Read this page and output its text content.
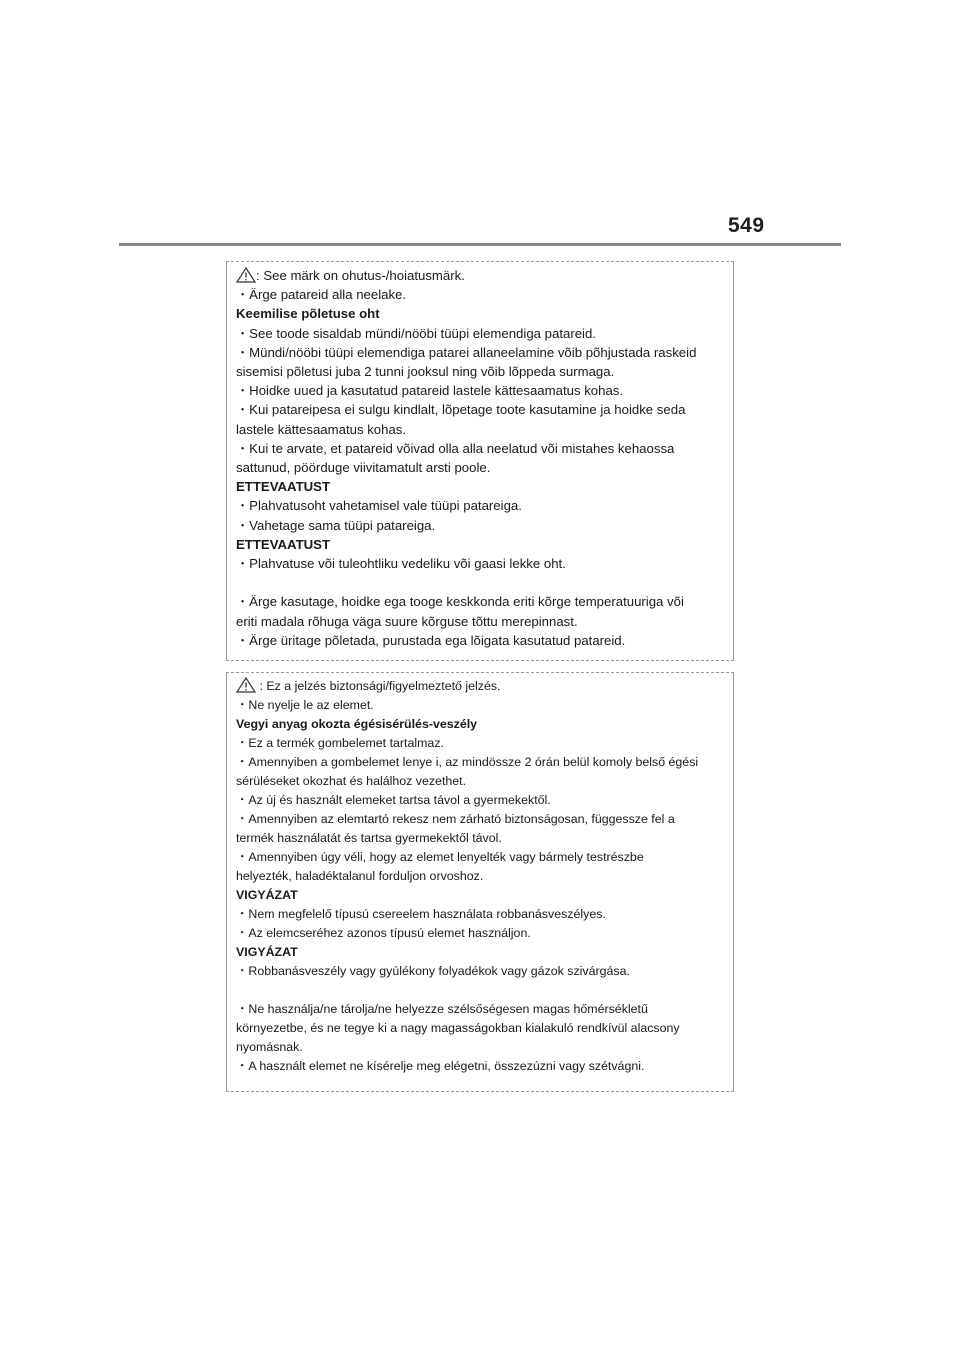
549
: See märk on ohutus-/hoiatusmärk.
・Ärge patareid alla neelake.
Keemilise põletuse oht
・See toode sisaldab mündi/nööbi tüüpi elemendiga patareid.
・Mündi/nööbi tüüpi elemendiga patarei allaneelamine võib põhjustada raskeid
sisemisi põletusi juba 2 tunni jooksul ning võib lõppeda surmaga.
・Hoidke uued ja kasutatud patareid lastele kättesaamatus kohas.
・Kui patareipesa ei sulgu kindlalt, lõpetage toote kasutamine ja hoidke seda
lastele kättesaamatus kohas.
・Kui te arvate, et patareid võivad olla alla neelatud või mistahes kehaossa
sattunud, pöörduge viivitamatult arsti poole.
ETTEVAATUST
・Plahvatusoht vahetamisel vale tüüpi patareiga.
・Vahetage sama tüüpi patareiga.
ETTEVAATUST
・Plahvatuse või tuleohtliku vedeliku või gaasi lekke oht.
・Ärge kasutage, hoidke ega tooge keskkonda eriti kõrge temperatuuriga või
eriti madala rõhuga väga suure kõrguse tõttu merepinnast.
・Ärge üritage põletada, purustada ega lõigata kasutatud patareid.
: Ez a jelzés biztonsági/figyelmeztető jelzés.
・Ne nyelje le az elemet.
Vegyi anyag okozta égésisérülés-veszély
・Ez a termék gombelemet tartalmaz.
・Amennyiben a gombelemet lenye i, az mindössze 2 órán belül komoly belső égési
sérüléseket okozhat és halálhoz vezethet.
・Az új és használt elemeket tartsa távol a gyermekektől.
・Amennyiben az elemtartó rekesz nem zárható biztonságosan, függessze fel a
termék használatát és tartsa gyermekektől távol.
・Amennyiben úgy véli, hogy az elemet lenyelték vagy bármely testrészbe
helyezték, haladéktalanul forduljon orvoshoz.
VIGYÁZAT
・Nem megfelelő típusú csereelem használata robbanásveszélyes.
・Az elemcseréhez azonos típusú elemet használjon.
VIGYÁZAT
・Robbanásveszély vagy gyúlékony folyadékok vagy gázok szivárgása.
・Ne használja/ne tárolja/ne helyezze szélsőségesen magas hőmérsékletű
környezetbe, és ne tegye ki a nagy magasságokban kialakuló rendkívül alacsony
nyomásnak.
・A használt elemet ne kísérelje meg elégetni, összezúzni vagy szétvágni.
